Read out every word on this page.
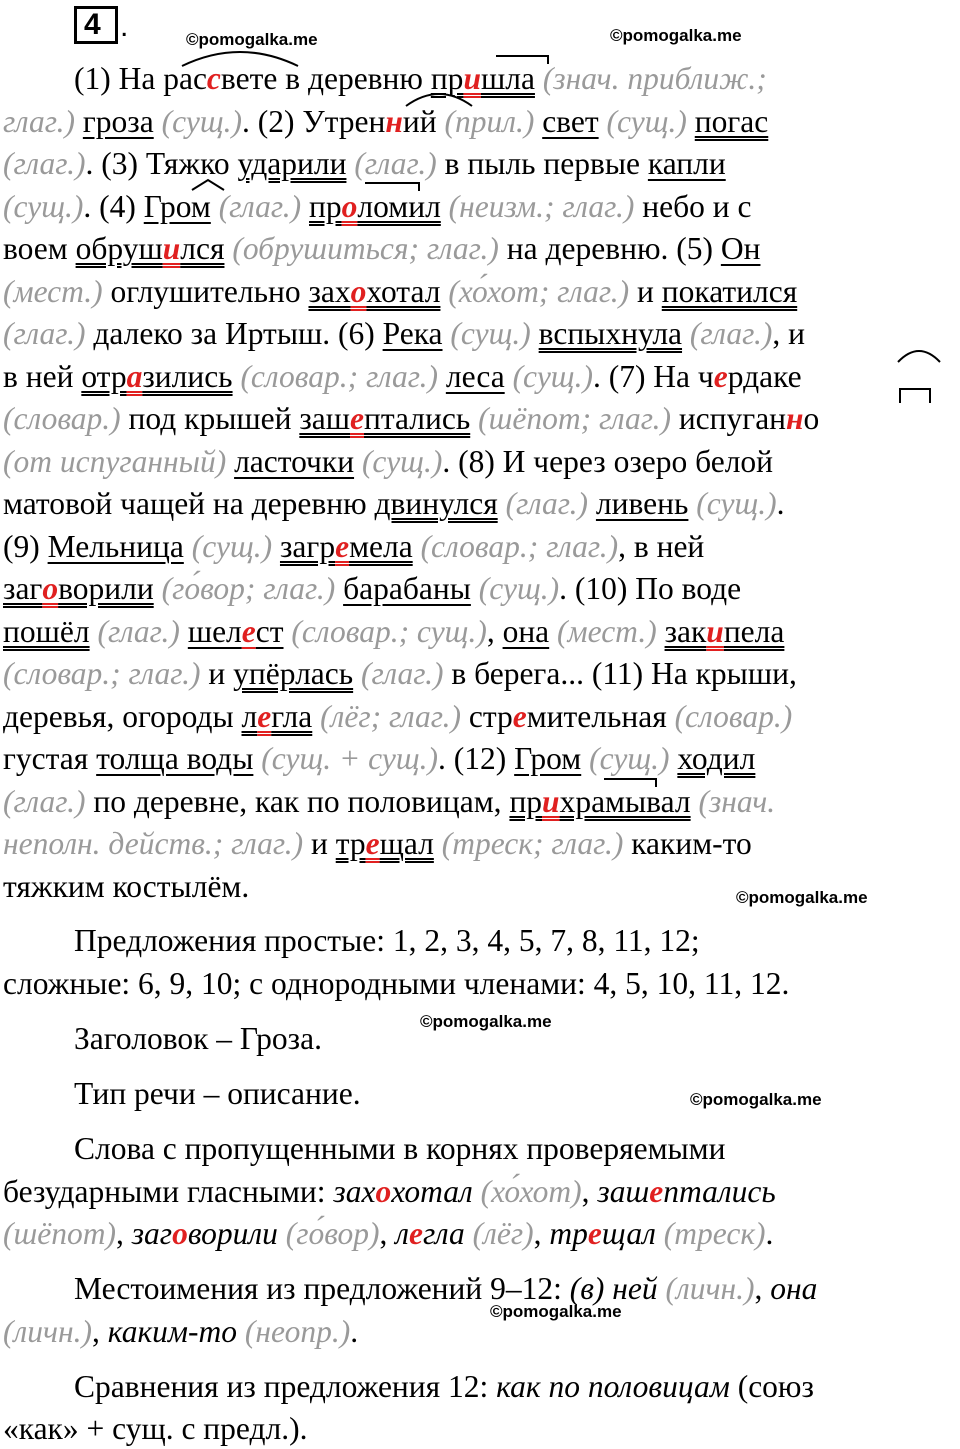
4 .	©pomogalka.me	©pomogalka.me
©pomogalka.me
©pomogalka.me
©pomogalka.me
©pomogalka.me
(1) На рассвете в деревню пришла (знач. приближ.;
глаг.) гроза (сущ.). (2) Утренний (прил.) свет (сущ.) погас
(глаг.). (3) Тяжко ударили (глаг.) в пыль первые капли
(сущ.). (4) Гром (глаг.) проломил (неизм.; глаг.) небо и с
воем обрушился (обрушиться; глаг.) на деревню. (5) Он
(мест.) оглушительно захохотал (хо́хот; глаг.) и покатился
(глаг.) далеко за Иртыш. (6) Река (сущ.) вспыхнула (глаг.), и
в ней отразились (словар.; глаг.) леса (сущ.). (7) На чердаке
(словар.) под крышей зашептались (шёпот; глаг.) испуганно
(от испуганный) ласточки (сущ.). (8) И через озеро белой
матовой чащей на деревню двинулся (глаг.) ливень (сущ.).
(9) Мельница (сущ.) загремела (словар.; глаг.), в ней
заговорили (го́вор; глаг.) барабаны (сущ.). (10) По воде
пошёл (глаг.) шелест (словар.; сущ.), она (мест.) закипела
(словар.; глаг.) и упёрлась (глаг.) в берега... (11) На крыши,
деревья, огороды легла (лёг; глаг.) стремительная (словар.)
густая толща воды (сущ. + сущ.). (12) Гром (сущ.) ходил
(глаг.) по деревне, как по половицам, прихрамывал (знач.
неполн. действ.; глаг.) и трещал (треск; глаг.) каким-то
тяжким костылём.
Предложения простые: 1, 2, 3, 4, 5, 7, 8, 11, 12;
сложные: 6, 9, 10; с однородными членами: 4, 5, 10, 11, 12.
Заголовок – Гроза.
Тип речи – описание.
Слова с пропущенными в корнях проверяемыми
безударными гласными: захохотал (хо́хот), зашептались
(шёпот), заговорили (го́вор), легла (лёг), трещал (треск).
Местоимения из предложений 9–12: (в) ней (личн.), она
(личн.), каким-то (неопр.).
Сравнения из предложения 12: как по половицам (союз
«как» + сущ. с предл.).
